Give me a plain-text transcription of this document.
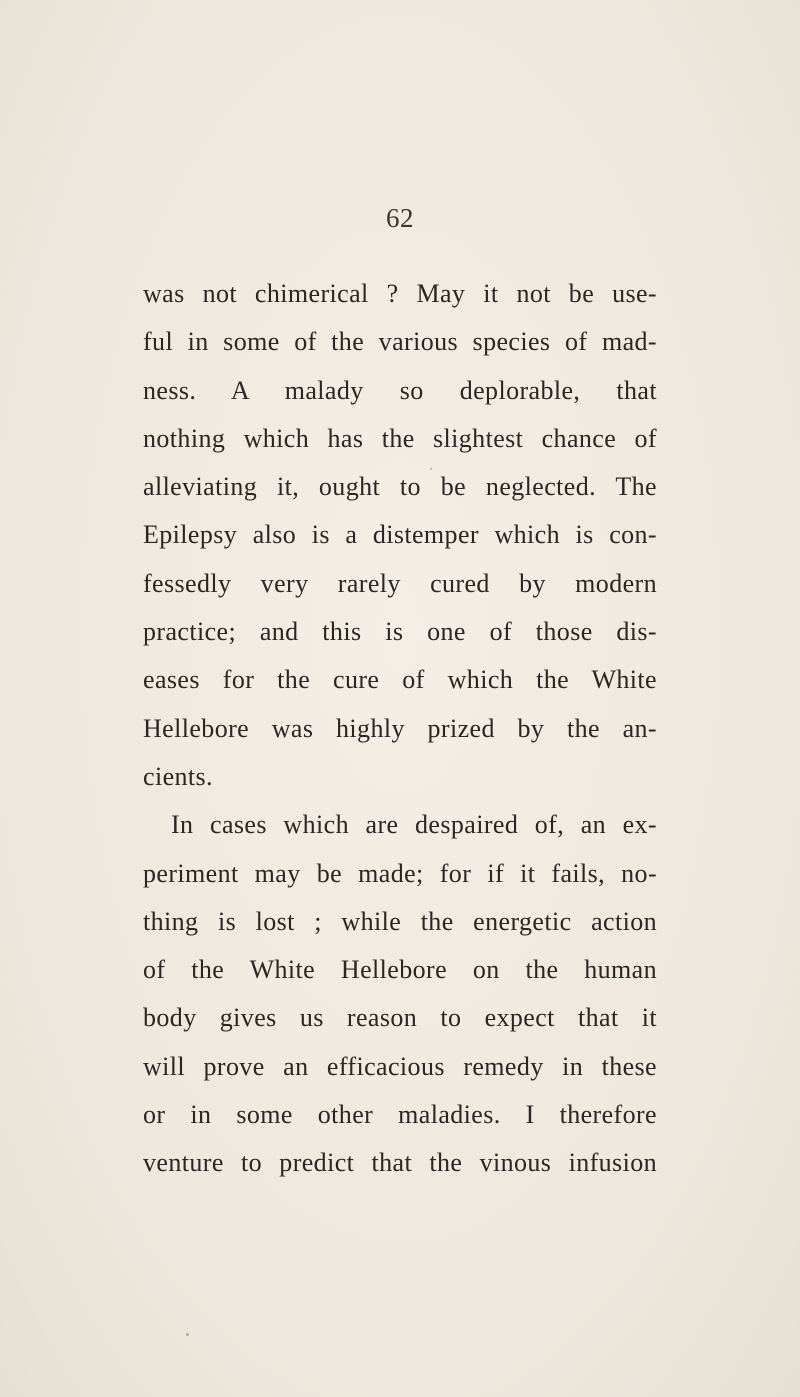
62
was not chimerical ? May it not be use-
ful in some of the various species of mad-
ness. A malady so deplorable, that
nothing which has the slightest chance of
alleviating it, ought to be neglected. The
Epilepsy also is a distemper which is con-
fessedly very rarely cured by modern
practice; and this is one of those dis-
eases for the cure of which the White
Hellebore was highly prized by the an-
cients.
In cases which are despaired of, an ex-
periment may be made; for if it fails, no-
thing is lost ; while the energetic action
of the White Hellebore on the human
body gives us reason to expect that it
will prove an efficacious remedy in these
or in some other maladies. I therefore
venture to predict that the vinous infusion
